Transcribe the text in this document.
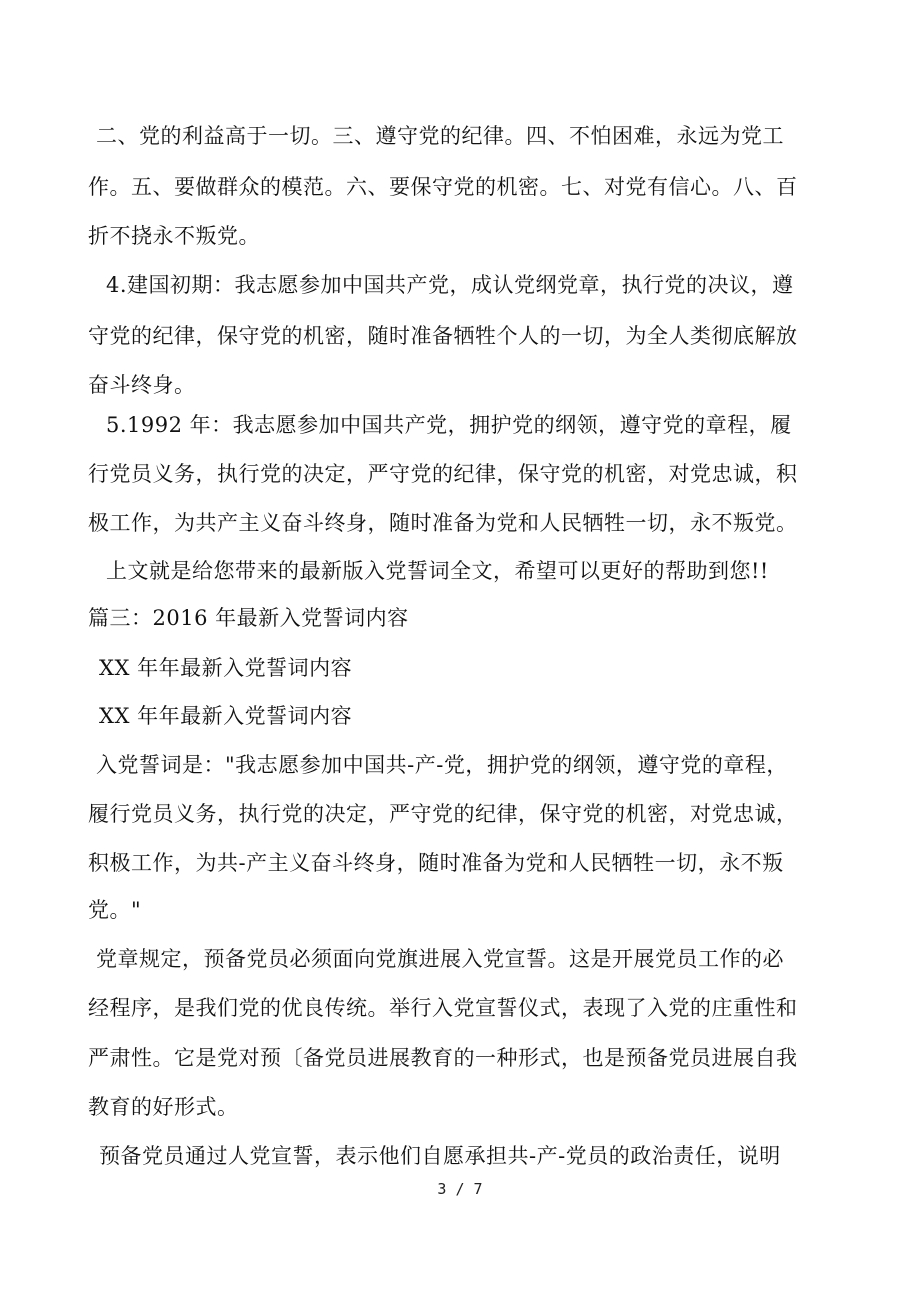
二、党的利益高于一切。三、遵守党的纪律。四、不怕困难，永远为党工
作。五、要做群众的模范。六、要保守党的机密。七、对党有信心。八、百
折不挠永不叛党。
4.建国初期：我志愿参加中国共产党，成认党纲党章，执行党的决议，遵
守党的纪律，保守党的机密，随时准备牺牲个人的一切，为全人类彻底解放
奋斗终身。
5.1992 年：我志愿参加中国共产党，拥护党的纲领，遵守党的章程，履
行党员义务，执行党的决定，严守党的纪律，保守党的机密，对党忠诚，积
极工作，为共产主义奋斗终身，随时准备为党和人民牺牲一切，永不叛党。
上文就是给您带来的最新版入党誓词全文，希望可以更好的帮助到您!!
篇三：2016 年最新入党誓词内容
XX 年年最新入党誓词内容
XX 年年最新入党誓词内容
入党誓词是："我志愿参加中国共-产-党，拥护党的纲领，遵守党的章程，
履行党员义务，执行党的决定，严守党的纪律，保守党的机密，对党忠诚，
积极工作，为共-产主义奋斗终身，随时准备为党和人民牺牲一切，永不叛
党。"
党章规定，预备党员必须面向党旗进展入党宣誓。这是开展党员工作的必
经程序，是我们党的优良传统。举行入党宣誓仪式，表现了入党的庄重性和
严肃性。它是党对预〔备党员进展教育的一种形式，也是预备党员进展自我
教育的好形式。
预备党员通过人党宣誓，表示他们自愿承担共-产-党员的政治责任，说明
3 / 7
